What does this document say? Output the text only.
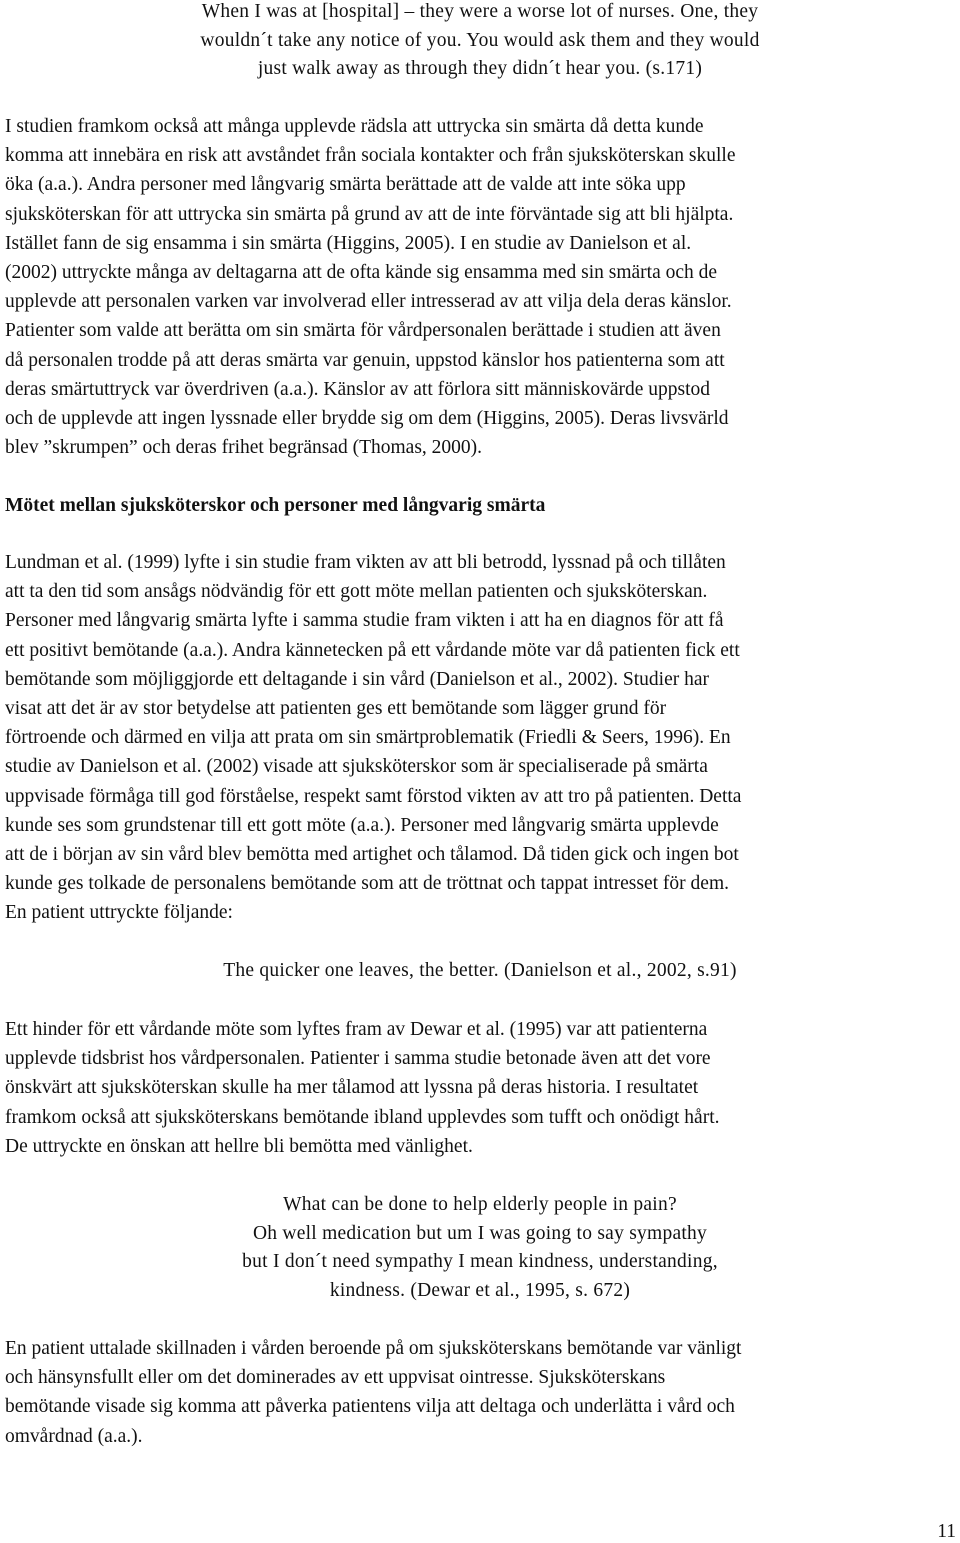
When I was at [hospital] – they were a worse lot of nurses. One, they
wouldn´t take any notice of you. You would ask them and they would
just walk away as through they didn´t hear you. (s.171)
I studien framkom också att många upplevde rädsla att uttrycka sin smärta då detta kunde
komma att innebära en risk att avståndet från sociala kontakter och från sjuksköterskan skulle
öka (a.a.). Andra personer med långvarig smärta berättade att de valde att inte söka upp
sjuksköterskan för att uttrycka sin smärta på grund av att de inte förväntade sig att bli hjälpta.
Istället fann de sig ensamma i sin smärta (Higgins, 2005). I en studie av Danielson et al.
(2002) uttryckte många av deltagarna att de ofta kände sig ensamma med sin smärta och de
upplevde att personalen varken var involverad eller intresserad av att vilja dela deras känslor.
Patienter som valde att berätta om sin smärta för vårdpersonalen berättade i studien att även
då personalen trodde på att deras smärta var genuin, uppstod känslor hos patienterna som att
deras smärtuttryck var överdriven (a.a.). Känslor av att förlora sitt människovärde uppstod
och de upplevde att ingen lyssnade eller brydde sig om dem (Higgins, 2005). Deras livsvärld
blev ”skrumpen” och deras frihet begränsad (Thomas, 2000).
Mötet mellan sjuksköterskor och personer med långvarig smärta
Lundman et al. (1999) lyfte i sin studie fram vikten av att bli betrodd, lyssnad på och tillåten
att ta den tid som ansågs nödvändig för ett gott möte mellan patienten och sjuksköterskan.
Personer med långvarig smärta lyfte i samma studie fram vikten i att ha en diagnos för att få
ett positivt bemötande (a.a.). Andra kännetecken på ett vårdande möte var då patienten fick ett
bemötande som möjliggjorde ett deltagande i sin vård (Danielson et al., 2002). Studier har
visat att det är av stor betydelse att patienten ges ett bemötande som lägger grund för
förtroende och därmed en vilja att prata om sin smärtproblematik (Friedli & Seers, 1996). En
studie av Danielson et al. (2002) visade att sjuksköterskor som är specialiserade på smärta
uppvisade förmåga till god förståelse, respekt samt förstod vikten av att tro på patienten. Detta
kunde ses som grundstenar till ett gott möte (a.a.). Personer med långvarig smärta upplevde
att de i början av sin vård blev bemötta med artighet och tålamod. Då tiden gick och ingen bot
kunde ges tolkade de personalens bemötande som att de tröttnat och tappat intresset för dem.
En patient uttryckte följande:
The quicker one leaves, the better. (Danielson et al., 2002, s.91)
Ett hinder för ett vårdande möte som lyftes fram av Dewar et al. (1995) var att patienterna
upplevde tidsbrist hos vårdpersonalen. Patienter i samma studie betonade även att det vore
önskvärt att sjuksköterskan skulle ha mer tålamod att lyssna på deras historia. I resultatet
framkom också att sjuksköterskans bemötande ibland upplevdes som tufft och onödigt hårt.
De uttryckte en önskan att hellre bli bemötta med vänlighet.
What can be done to help elderly people in pain?
Oh well medication but um I was going to say sympathy
but I don´t need sympathy I mean kindness, understanding,
kindness. (Dewar et al., 1995, s. 672)
En patient uttalade skillnaden i vården beroende på om sjuksköterskans bemötande var vänligt
och hänsynsfullt eller om det dominerades av ett uppvisat ointresse. Sjuksköterskans
bemötande visade sig komma att påverka patientens vilja att deltaga och underlätta i vård och
omvårdnad (a.a.).
11
